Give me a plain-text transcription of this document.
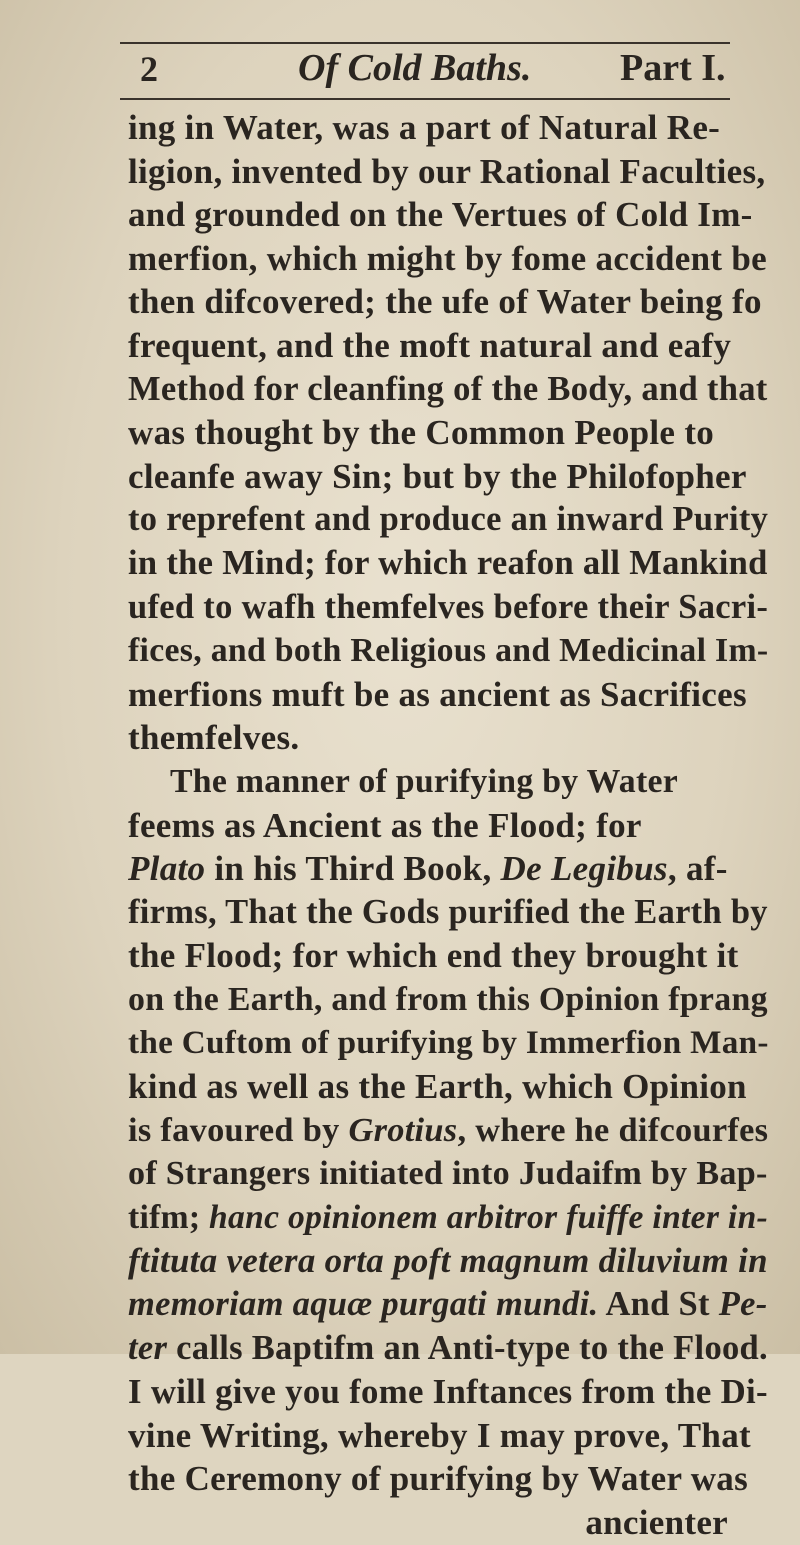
2	Of Cold Baths. Part I.
ing in Water, was a part of Natural Re-
ligion, invented by our Rational Faculties,
and grounded on the Vertues of Cold Im-
merfion, which might by fome accident be
then difcovered; the ufe of Water being fo
frequent, and the moft natural and eafy
Method for cleanfing of the Body, and that
was thought by the Common People to
cleanfe away Sin; but by the Philofopher
to reprefent and produce an inward Purity
in the Mind; for which reafon all Mankind
ufed to wafh themfelves before their Sacri-
fices, and both Religious and Medicinal Im-
merfions muft be as ancient as Sacrifices
themfelves.
The manner of purifying by Water
feems as Ancient as the Flood; for
Plato in his Third Book, De Legibus, af-
firms, That the Gods purified the Earth by
the Flood; for which end they brought it
on the Earth, and from this Opinion fprang
the Cuftom of purifying by Immerfion Man-
kind as well as the Earth, which Opinion
is favoured by Grotius, where he difcourfes
of Strangers initiated into Judaifm by Bap-
tifm; hanc opinionem arbitror fuiffe inter in-
ftituta vetera orta poft magnum diluvium in
memoriam aquæ purgati mundi. And St Pe-
ter calls Baptifm an Anti-type to the Flood.
I will give you fome Inftances from the Di-
vine Writing, whereby I may prove, That
the Ceremony of purifying by Water was
ancienter
